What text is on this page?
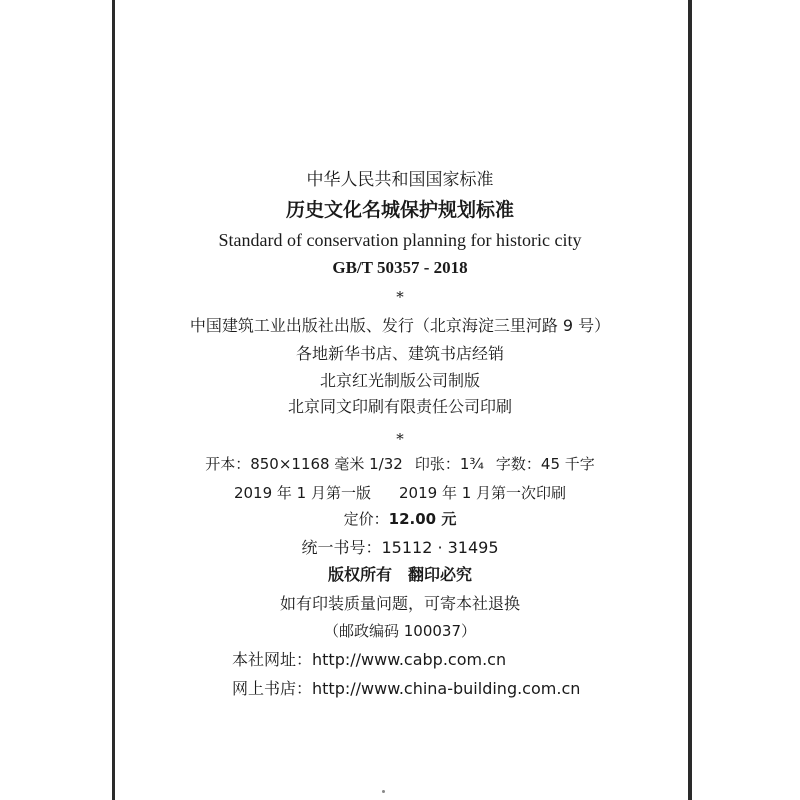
中华人民共和国国家标准
历史文化名城保护规划标准
Standard of conservation planning for historic city
GB/T 50357 - 2018
*
中国建筑工业出版社出版、发行（北京海淀三里河路 9 号）
各地新华书店、建筑书店经销
北京红光制版公司制版
北京同文印刷有限责任公司印刷
*
开本：850×1168 毫米 1/32 印张：1¾ 字数：45 千字
2019 年 1 月第一版 2019 年 1 月第一次印刷
定价：12.00 元
统一书号：15112 · 31495
版权所有　翻印必究
如有印装质量问题，可寄本社退换
（邮政编码 100037）
本社网址：http://www.cabp.com.cn
网上书店：http://www.china-building.com.cn
